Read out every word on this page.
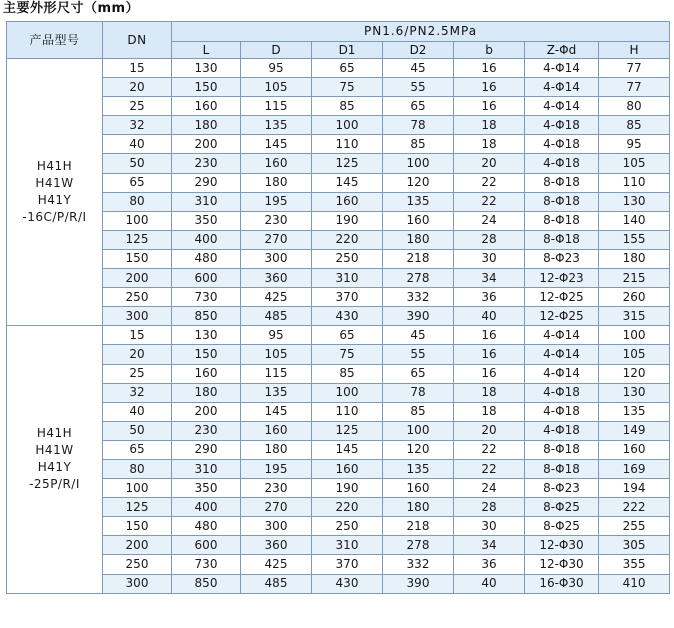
主要外形尺寸（mm）
产品型号	DN	PN1.6/PN2.5MPa						
		L	D	D1	D2	b	Z-Φd	H

H41H
H41W
H41Y
-16C/P/R/I	15	130	95	65	45	16	4-Φ14	77
	20	150	105	75	55	16	4-Φ14	77
	25	160	115	85	65	16	4-Φ14	80
	32	180	135	100	78	18	4-Φ18	85
	40	200	145	110	85	18	4-Φ18	95
	50	230	160	125	100	20	4-Φ18	105
	65	290	180	145	120	22	8-Φ18	110
	80	310	195	160	135	22	8-Φ18	130
	100	350	230	190	160	24	8-Φ18	140
	125	400	270	220	180	28	8-Φ18	155
	150	480	300	250	218	30	8-Φ23	180
	200	600	360	310	278	34	12-Φ23	215
	250	730	425	370	332	36	12-Φ25	260
	300	850	485	430	390	40	12-Φ25	315

H41H
H41W
H41Y
-25P/R/I	15	130	95	65	45	16	4-Φ14	100
	20	150	105	75	55	16	4-Φ14	105
	25	160	115	85	65	16	4-Φ14	120
	32	180	135	100	78	18	4-Φ18	130
	40	200	145	110	85	18	4-Φ18	135
	50	230	160	125	100	20	4-Φ18	149
	65	290	180	145	120	22	8-Φ18	160
	80	310	195	160	135	22	8-Φ18	169
	100	350	230	190	160	24	8-Φ23	194
	125	400	270	220	180	28	8-Φ25	222
	150	480	300	250	218	30	8-Φ25	255
	200	600	360	310	278	34	12-Φ30	305
	250	730	425	370	332	36	12-Φ30	355
	300	850	485	430	390	40	16-Φ30	410
